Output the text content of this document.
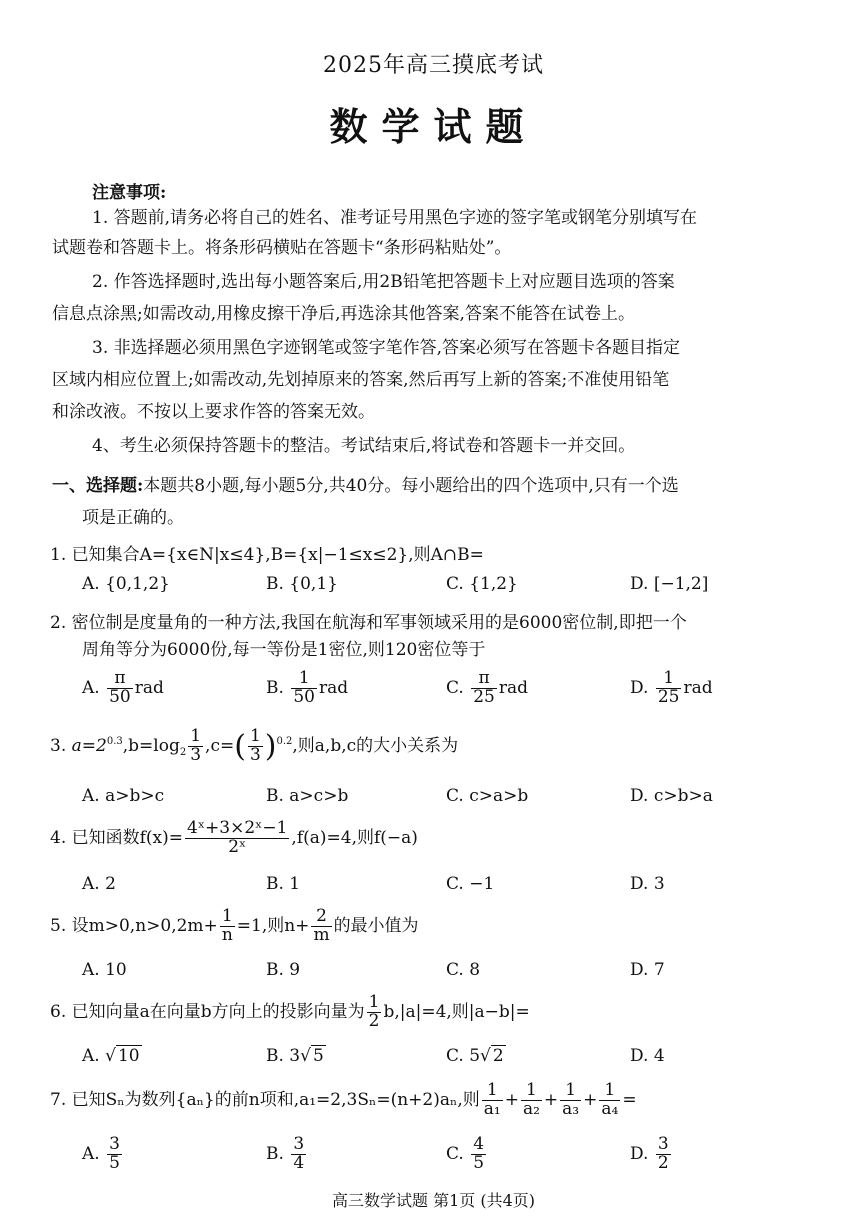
2025年高三摸底考试
数学试题
注意事项:
1. 答题前,请务必将自己的姓名、准考证号用黑色字迹的签字笔或钢笔分别填写在
试题卷和答题卡上。将条形码横贴在答题卡“条形码粘贴处”。
2. 作答选择题时,选出每小题答案后,用2B铅笔把答题卡上对应题目选项的答案
信息点涂黑;如需改动,用橡皮擦干净后,再选涂其他答案,答案不能答在试卷上。
3. 非选择题必须用黑色字迹钢笔或签字笔作答,答案必须写在答题卡各题目指定
区域内相应位置上;如需改动,先划掉原来的答案,然后再写上新的答案;不准使用铅笔
和涂改液。不按以上要求作答的答案无效。
4、考生必须保持答题卡的整洁。考试结束后,将试卷和答题卡一并交回。
一、选择题:本题共8小题,每小题5分,共40分。每小题给出的四个选项中,只有一个选
项是正确的。
1. 已知集合A={x∈N|x≤4},B={x|−1≤x≤2},则A∩B=
A. {0,1,2}	B. {0,1}	C. {1,2}	D. [−1,2]
2. 密位制是度量角的一种方法,我国在航海和军事领域采用的是6000密位制,即把一个
周角等分为6000份,每一等份是1密位,则120密位等于
A. $\frac{\pi}{50}$ rad	B. $\frac{1}{50}$ rad	C. $\frac{\pi}{25}$ rad	D. $\frac{1}{25}$ rad
3. $a=2^{0.3},b=\log_2 \frac{1}{3} ,c=( \frac{1}{3} )^{0.2}$,则a,b,c的大小关系为
A. a>b>c	B. a>c>b	C. c>a>b	D. c>b>a
4. 已知函数$f(x)= \frac{\text{4ˣ+3×2ˣ−1}}{\text{2ˣ}} ,f(a)=4$,则f(−a)
A. 2	B. 1	C. −1	D. 3
5. 设$m>0,n>0,2m+ \frac{1}{n} =1$,则$n+ \frac{2}{m}$ 的最小值为
A. 10	B. 9	C. 8	D. 7
6. 已知向量a在向量b方向上的投影向量为 $\frac{1}{2} b,|a|=4$,则|a−b|=
A. √ 10	B. 3√ 5	C. 5√ 2	D. 4
7. 已知Sₙ为数列{aₙ}的前n项和,a₁=2,3Sₙ=(n+2)aₙ,则 $\frac{1}{\text{a₁}} + \frac{1}{\text{a₂}} + \frac{1}{\text{a₃}} + \frac{1}{\text{a₄}}$ =
A. $\frac{3}{5}$	B. $\frac{3}{4}$	C. $\frac{4}{5}$	D. $\frac{3}{2}$
高三数学试题 第1页 (共4页)
